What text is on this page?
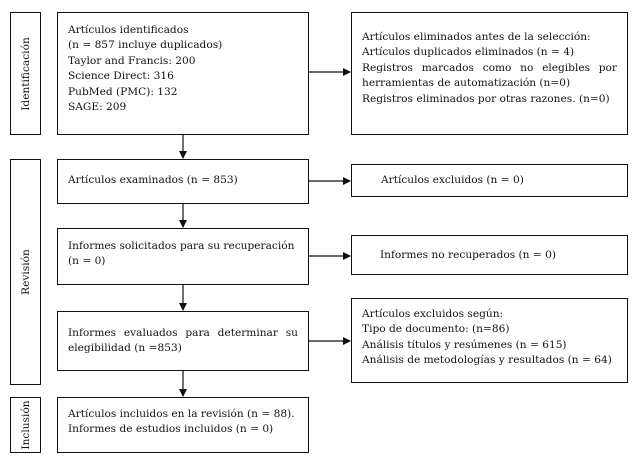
Identificación
Revisión
Inclusión
Artículos identificados
(n = 857 incluye duplicados)
Taylor and Francis: 200
Science Direct: 316
PubMed (PMC): 132
SAGE: 209
Artículos examinados (n = 853)
Informes solicitados para su recuperación
(n = 0)
Informes evaluados para determinar su
elegibilidad (n =853)
Artículos incluidos en la revisión (n = 88).
Informes de estudios incluidos (n = 0)
Artículos eliminados antes de la selección:
Artículos duplicados eliminados (n = 4)
Registros marcados como no elegibles por
herramientas de automatización (n=0)
Registros eliminados por otras razones. (n=0)
Artículos excluidos (n = 0)
Informes no recuperados (n = 0)
Artículos excluidos según:
Tipo de documento: (n=86)
Análisis títulos y resúmenes (n = 615)
Análisis de metodologías y resultados (n = 64)
